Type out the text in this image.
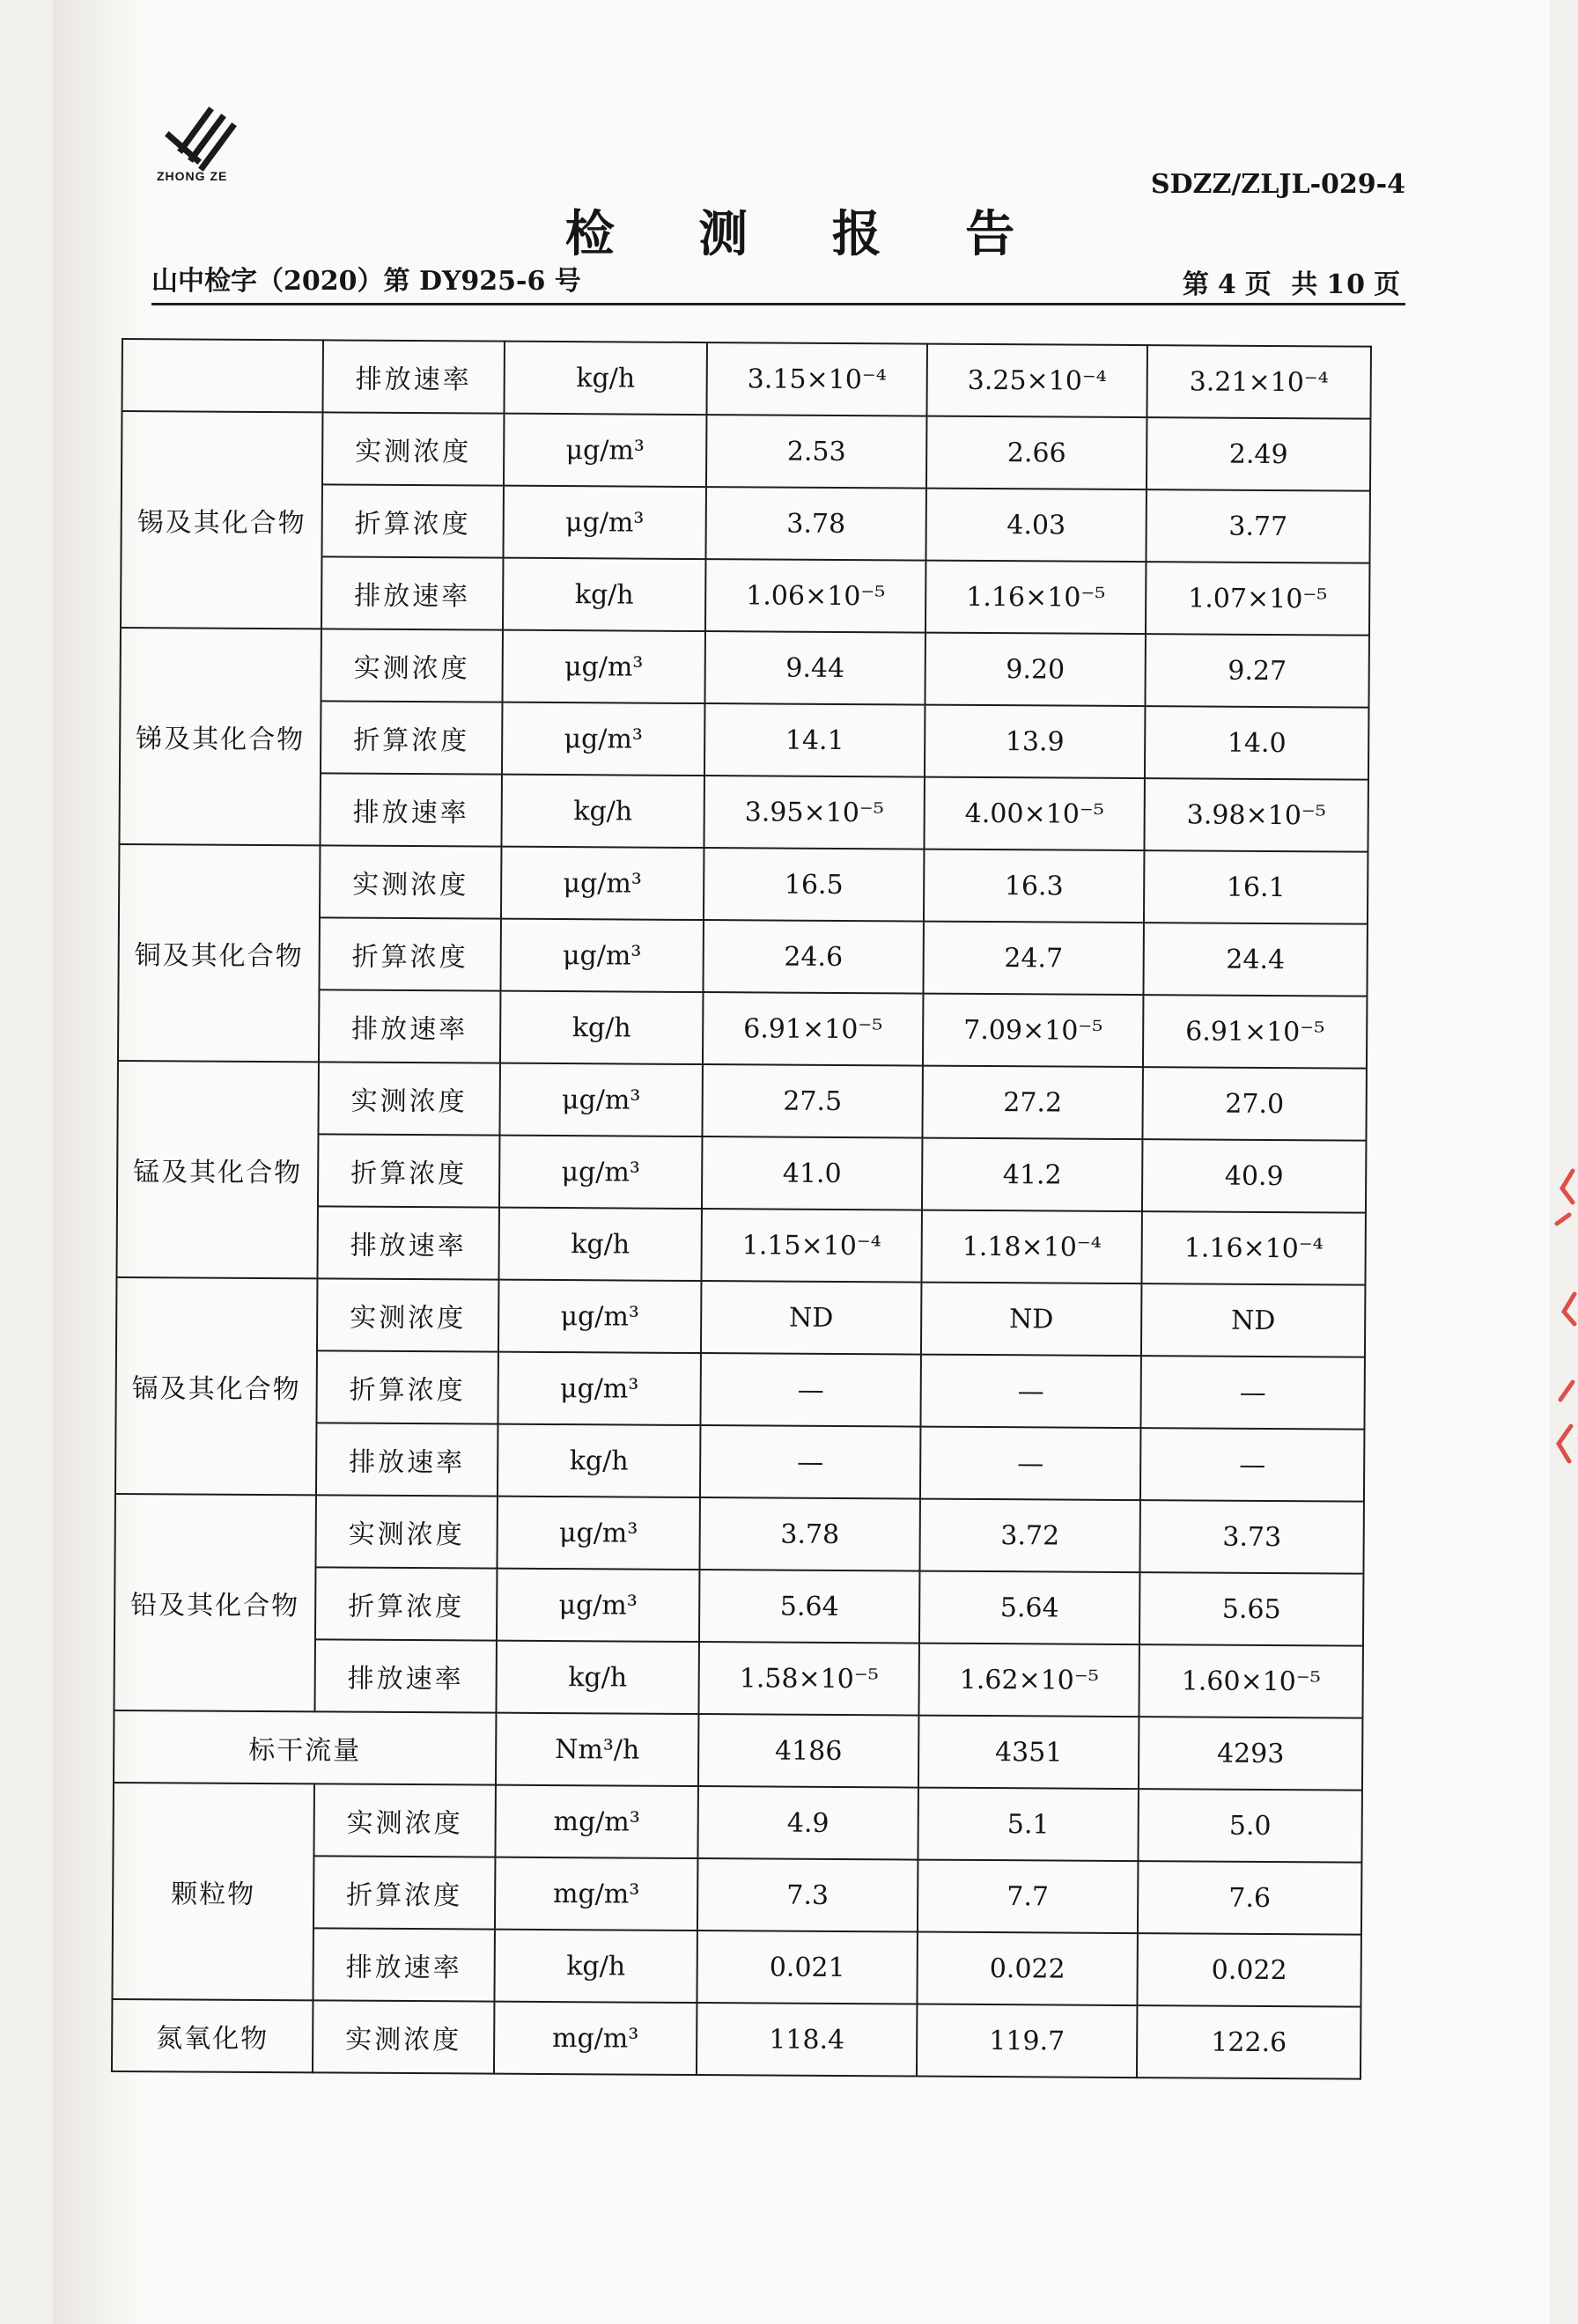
ZHONG ZE	SDZZ/ZLJL-029-4
检 测 报 告
山中检字（2020）第 DY925-6 号	第 4 页 共 10 页
	排放速率	kg/h	3.15×10⁻⁴	3.25×10⁻⁴	3.21×10⁻⁴
锡及其化合物	实测浓度	μg/m³	2.53	2.66	2.49
	折算浓度	μg/m³	3.78	4.03	3.77
	排放速率	kg/h	1.06×10⁻⁵	1.16×10⁻⁵	1.07×10⁻⁵
锑及其化合物	实测浓度	μg/m³	9.44	9.20	9.27
	折算浓度	μg/m³	14.1	13.9	14.0
	排放速率	kg/h	3.95×10⁻⁵	4.00×10⁻⁵	3.98×10⁻⁵
铜及其化合物	实测浓度	μg/m³	16.5	16.3	16.1
	折算浓度	μg/m³	24.6	24.7	24.4
	排放速率	kg/h	6.91×10⁻⁵	7.09×10⁻⁵	6.91×10⁻⁵
锰及其化合物	实测浓度	μg/m³	27.5	27.2	27.0
	折算浓度	μg/m³	41.0	41.2	40.9
	排放速率	kg/h	1.15×10⁻⁴	1.18×10⁻⁴	1.16×10⁻⁴
镉及其化合物	实测浓度	μg/m³	ND	ND	ND
	折算浓度	μg/m³	—	—	—
	排放速率	kg/h	—	—	—
铅及其化合物	实测浓度	μg/m³	3.78	3.72	3.73
	折算浓度	μg/m³	5.64	5.64	5.65
	排放速率	kg/h	1.58×10⁻⁵	1.62×10⁻⁵	1.60×10⁻⁵
标干流量		Nm³/h	4186	4351	4293
颗粒物	实测浓度	mg/m³	4.9	5.1	5.0
	折算浓度	mg/m³	7.3	7.7	7.6
	排放速率	kg/h	0.021	0.022	0.022
氮氧化物	实测浓度	mg/m³	118.4	119.7	122.6
